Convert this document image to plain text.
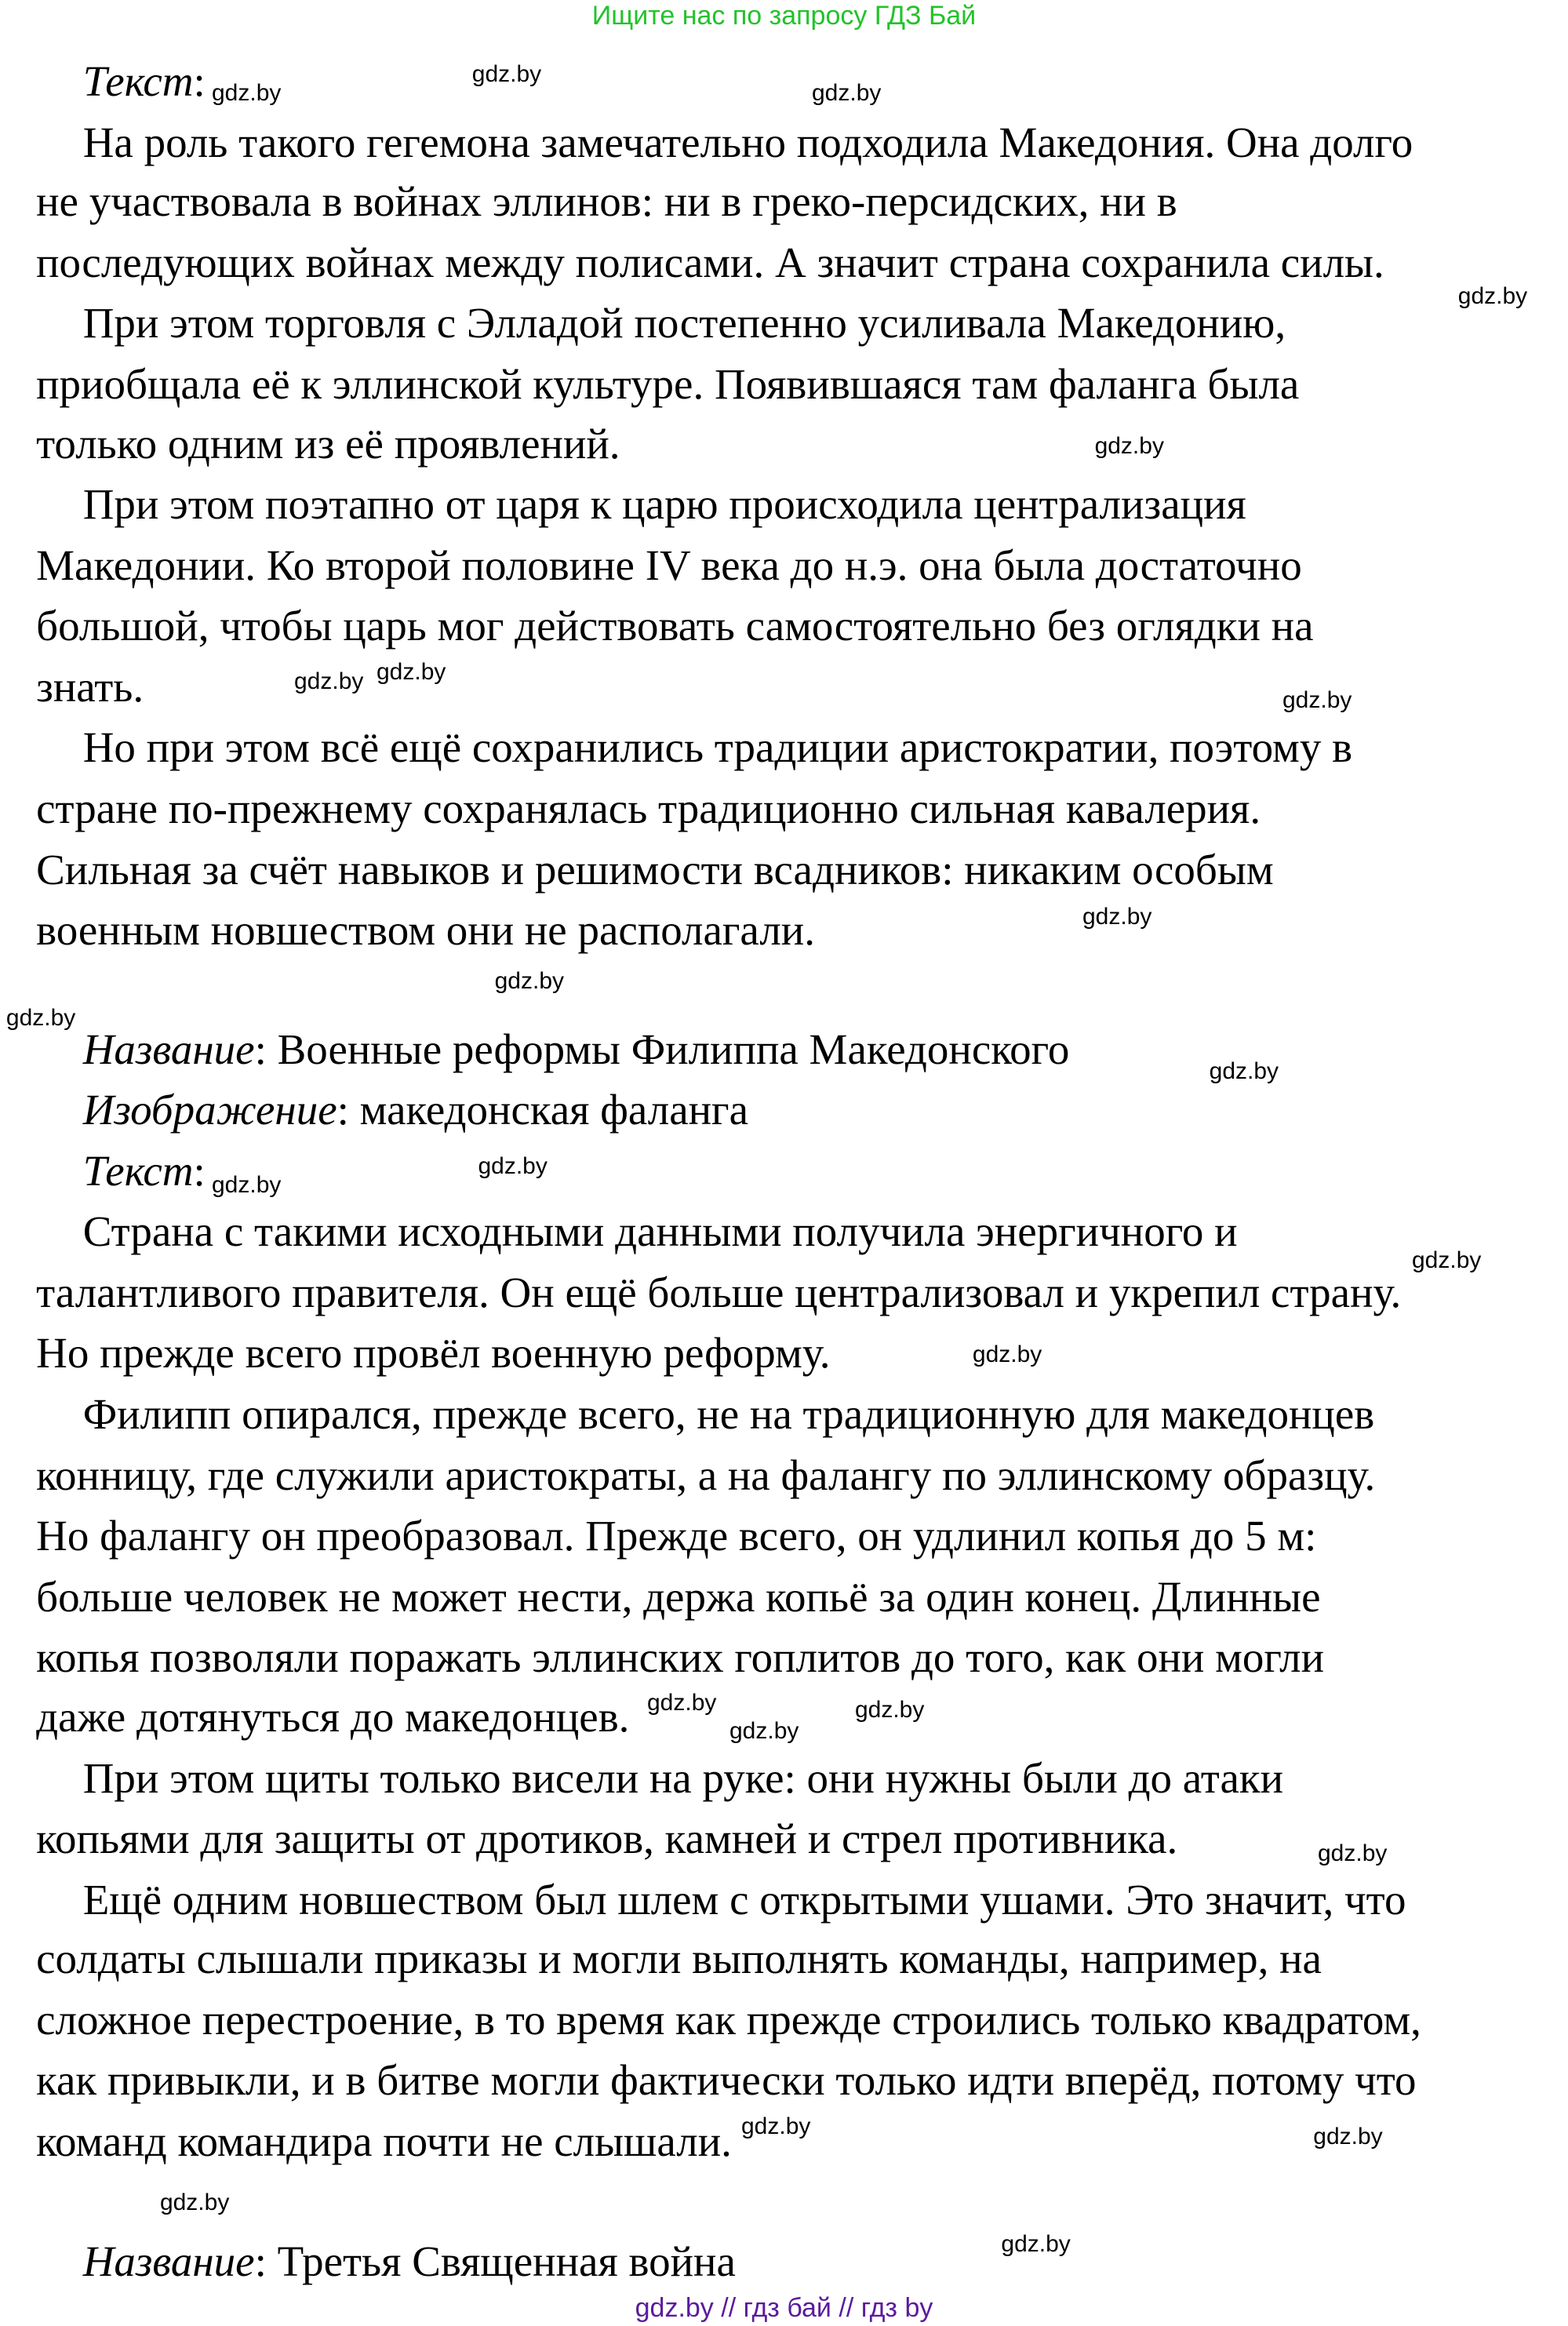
Ищите нас по запросу ГДЗ Бай
Текст:
На роль такого гегемона замечательно подходила Македония. Она долго
не участвовала в войнах эллинов: ни в греко-персидских, ни в
последующих войнах между полисами. А значит страна сохранила силы.
При этом торговля с Элладой постепенно усиливала Македонию,
приобщала её к эллинской культуре. Появившаяся там фаланга была
только одним из её проявлений.
При этом поэтапно от царя к царю происходила централизация
Македонии. Ко второй половине IV века до н.э. она была достаточно
большой, чтобы царь мог действовать самостоятельно без оглядки на
знать.
Но при этом всё ещё сохранились традиции аристократии, поэтому в
стране по-прежнему сохранялась традиционно сильная кавалерия.
Сильная за счёт навыков и решимости всадников: никаким особым
военным новшеством они не располагали.
Название: Военные реформы Филиппа Македонского
Изображение: македонская фаланга
Текст:
Страна с такими исходными данными получила энергичного и
талантливого правителя. Он ещё больше централизовал и укрепил страну.
Но прежде всего провёл военную реформу.
Филипп опирался, прежде всего, не на традиционную для македонцев
конницу, где служили аристократы, а на фалангу по эллинскому образцу.
Но фалангу он преобразовал. Прежде всего, он удлинил копья до 5 м:
больше человек не может нести, держа копьё за один конец. Длинные
копья позволяли поражать эллинских гоплитов до того, как они могли
даже дотянуться до македонцев.
При этом щиты только висели на руке: они нужны были до атаки
копьями для защиты от дротиков, камней и стрел противника.
Ещё одним новшеством был шлем с открытыми ушами. Это значит, что
солдаты слышали приказы и могли выполнять команды, например, на
сложное перестроение, в то время как прежде строились только квадратом,
как привыкли, и в битве могли фактически только идти вперёд, потому что
команд командира почти не слышали.
Название: Третья Священная война
gdz.by
gdz.by	gdz.by
gdz.by
gdz.by
gdz.by
gdz.by
gdz.by
gdz.by
gdz.by
gdz.by
gdz.by
gdz.by
gdz.by
gdz.by
gdz.by
gdz.by	gdz.by
gdz.by
gdz.by
gdz.by	gdz.by
gdz.by
gdz.by
gdz.by // гдз бай // гдз by
